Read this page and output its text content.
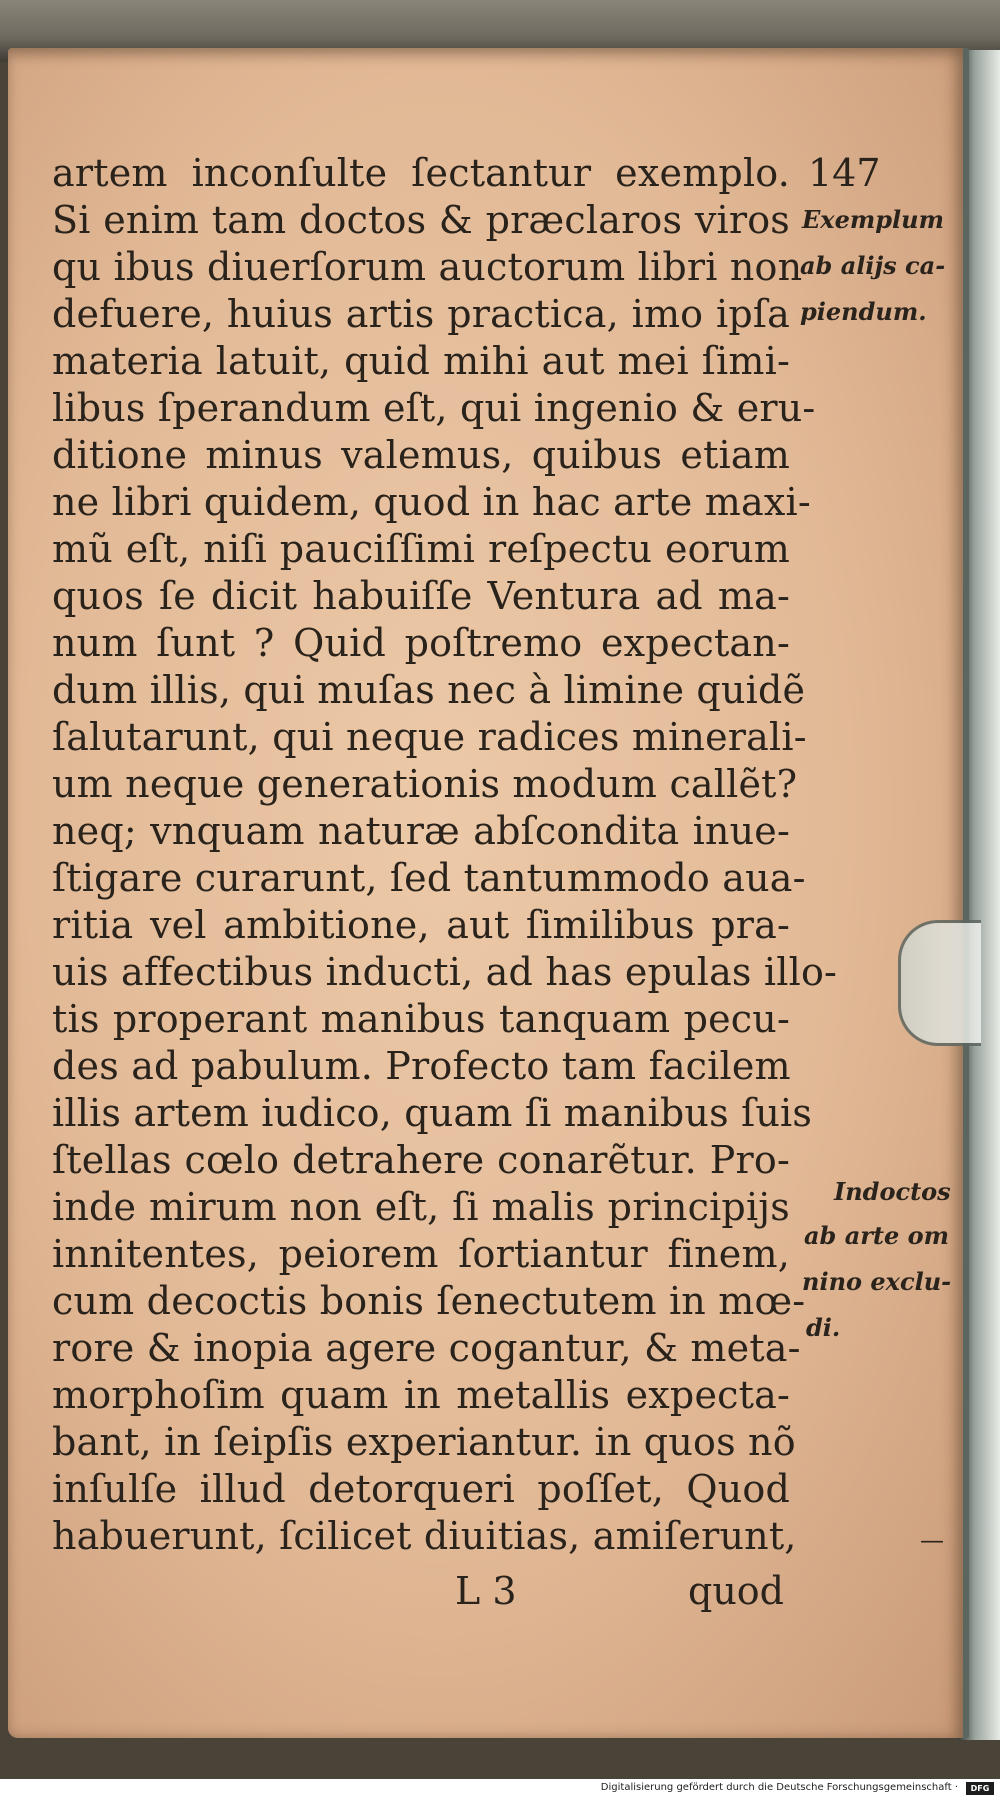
147
artem inconſulte ſectantur exemplo.
Si enim tam doctos & præclaros viros
qu ibus diuerſorum auctorum libri non
defuere, huius artis practica, imo ipſa
materia latuit, quid mihi aut mei ſimi-
libus ſperandum eſt, qui ingenio & eru-
ditione minus valemus, quibus etiam
ne libri quidem, quod in hac arte maxi-
mũ eſt, niſi pauciſſimi reſpectu eorum
quos ſe dicit habuiſſe Ventura ad ma-
num ſunt ? Quid poſtremo expectan-
dum illis, qui muſas nec à limine quidẽ
ſalutarunt, qui neque radices minerali-
um neque generationis modum callẽt?
neq; vnquam naturæ abſcondita inue-
ſtigare curarunt, ſed tantummodo aua-
ritia vel ambitione, aut ſimilibus pra-
uis affectibus inducti, ad has epulas illo-
tis properant manibus tanquam pecu-
des ad pabulum. Profecto tam facilem
illis artem iudico, quam ſi manibus ſuis
ſtellas cœlo detrahere conarẽtur. Pro-
inde mirum non eſt, ſi malis principijs
innitentes, peiorem ſortiantur finem,
cum decoctis bonis ſenectutem in mœ-
rore & inopia agere cogantur, & meta-
morphoſim quam in metallis expecta-
bant, in ſeipſis experiantur. in quos nõ
inſulſe illud detorqueri poſſet, Quod
habuerunt, ſcilicet diuitias, amiſerunt,
L 3	quod
Exemplum
ab alijs ca-
piendum.
Indoctos
ab arte om
nino exclu-
di.
—
Digitalisierung gefördert durch die Deutsche Forschungsgemeinschaft ·	DFG
